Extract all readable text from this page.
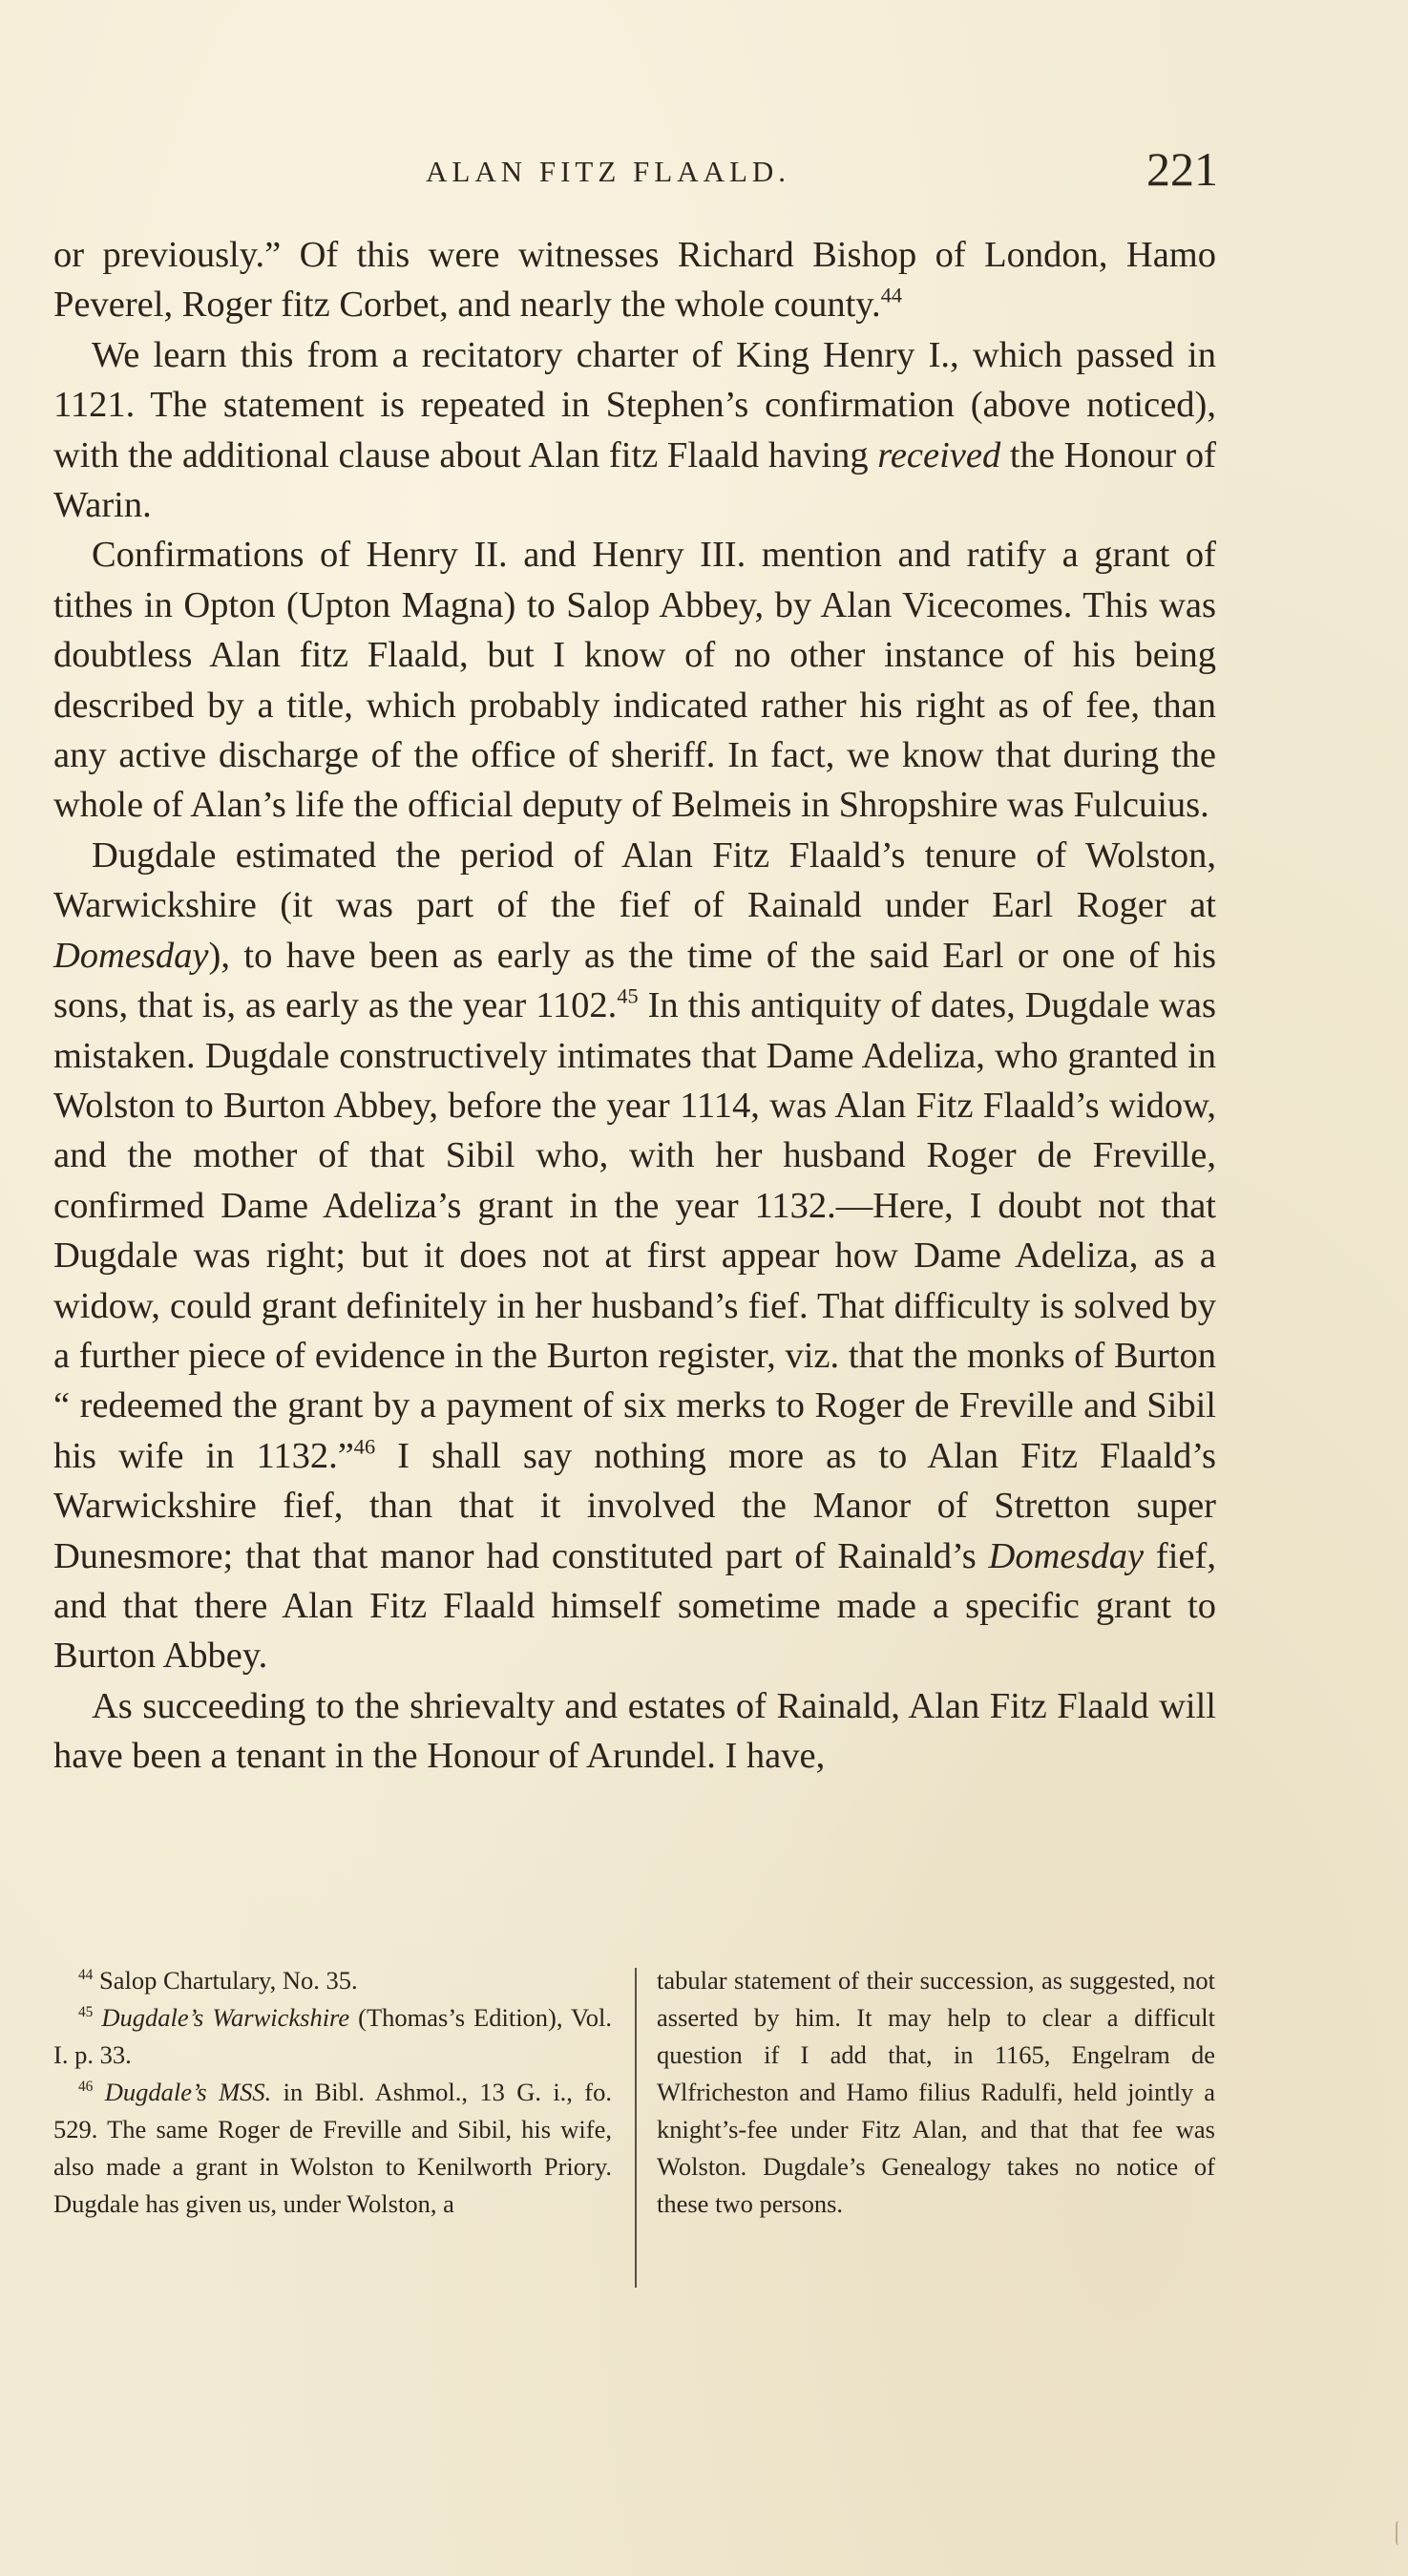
ALAN FITZ FLAALD.	221

or previously.” Of this were witnesses Richard Bishop of London, Hamo Peverel, Roger fitz Corbet, and nearly the whole county.$^{44}$

We learn this from a recitatory charter of King Henry I., which passed in 1121. The statement is repeated in Stephen’s confirmation (above noticed), with the additional clause about Alan fitz Flaald having received the Honour of Warin.

Confirmations of Henry II. and Henry III. mention and ratify a grant of tithes in Opton (Upton Magna) to Salop Abbey, by Alan Vicecomes. This was doubtless Alan fitz Flaald, but I know of no other instance of his being described by a title, which probably indicated rather his right as of fee, than any active discharge of the office of sheriff. In fact, we know that during the whole of Alan’s life the official deputy of Belmeis in Shropshire was Fulcuius.

Dugdale estimated the period of Alan Fitz Flaald’s tenure of Wolston, Warwickshire (it was part of the fief of Rainald under Earl Roger at Domesday), to have been as early as the time of the said Earl or one of his sons, that is, as early as the year 1102.45 In this antiquity of dates, Dugdale was mistaken. Dugdale constructively intimates that Dame Adeliza, who granted in Wolston to Burton Abbey, before the year 1114, was Alan Fitz Flaald’s widow, and the mother of that Sibil who, with her husband Roger de Freville, confirmed Dame Adeliza’s grant in the year 1132.—Here, I doubt not that Dugdale was right; but it does not at first appear how Dame Adeliza, as a widow, could grant definitely in her husband’s fief. That difficulty is solved by a further piece of evidence in the Burton register, viz. that the monks of Burton “ redeemed the grant by a payment of six merks to Roger de Freville and Sibil his wife in 1132.”$^{46}$ I shall say nothing more as to Alan Fitz Flaald’s Warwickshire fief, than that it involved the Manor of Stretton super Dunesmore; that that manor had constituted part of Rainald’s Domesday fief, and that there Alan Fitz Flaald himself sometime made a specific grant to Burton Abbey.

As succeeding to the shrievalty and estates of Rainald, Alan Fitz Flaald will have been a tenant in the Honour of Arundel. I have,

$^{44}$ Salop Chartulary, No. 35.

$^{45}$ Dugdale’s Warwickshire (Thomas’s Edition), Vol. I. p. 33.

$^{46}$ Dugdale’s MSS. in Bibl. Ashmol., 13 G. i., fo. 529. The same Roger de Freville and Sibil, his wife, also made a grant in Wolston to Kenilworth Priory. Dugdale has given us, under Wolston, a

tabular statement of their succession, as suggested, not asserted by him. It may help to clear a difficult question if I add that, in 1165, Engelram de Wlfricheston and Hamo filius Radulfi, held jointly a knight’s-fee under Fitz Alan, and that that fee was Wolston. Dugdale’s Genealogy takes no notice of these two persons.
